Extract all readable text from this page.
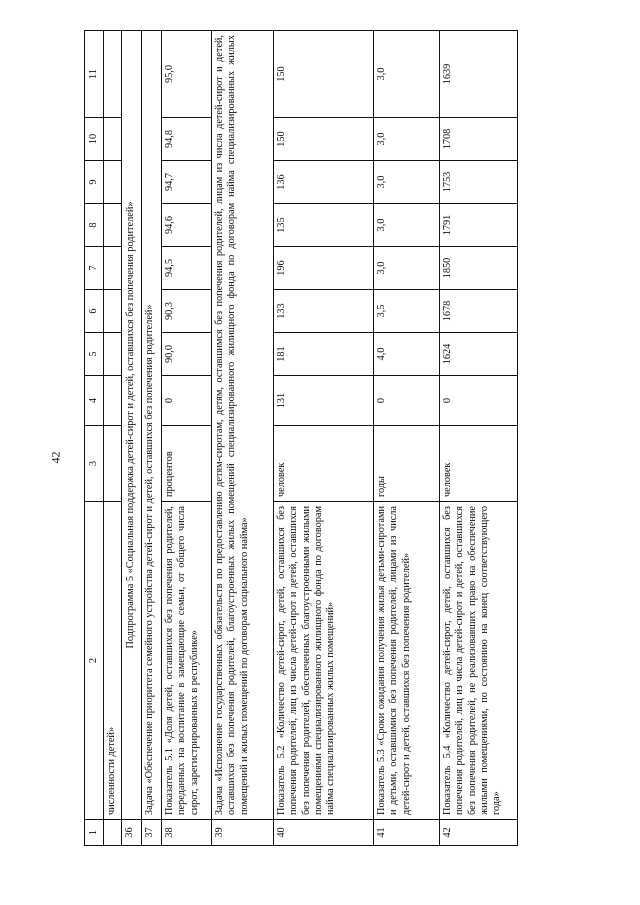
42
1	2	3	4	5	6	7	8	9	10	11
	численности детей»									
36	Подпрограмма 5 «Социальная поддержка детей-сирот и детей, оставшихся без попечения родителей»									
37	Задача «Обеспечение приоритета семейного устройства детей-сирот и детей, оставшихся без попечения родителей»									
38	Показатель 5.1 «Доля детей, оставшихся без попечения родителей, переданных на воспитание в замещающие семьи, от общего числа сирот, зарегистрированных в республике»	процентов	0	90,0	90,3	94,5	94,6	94,7	94,8	95,0
39	Задача «Исполнение государственных обязательств по предоставлению детям-сиротам, детям, оставшимся без попечения родителей, лицам из числа детей-сирот и детей, оставшихся без попечения родителей, благоустроенных жилых помещений специализированного жилищного фонда по договорам найма специализированных жилых помещений и жилых помещений по договорам социального найма»									
40	Показатель 5.2 «Количество детей-сирот, детей, оставшихся без попечения родителей, лиц из числа детей-сирот и детей, оставшихся без попечения родителей, обеспеченных благоустроенными жилыми помещениями специализированного жилищного фонда по договорам найма специализированных жилых помещений»	человек	131	181	133	196	135	136	150	150
41	Показатель 5.3 «Сроки ожидания получения жилья детьми-сиротами и детьми, оставшимися без попечения родителей, лицами из числа детей-сирот и детей, оставшихся без попечения родителей»	годы	0	4,0	3,5	3,0	3,0	3,0	3,0	3,0
42	Показатель 5.4 «Количество детей-сирот, детей, оставшихся без попечения родителей, лиц из числа детей-сирот и детей, оставшихся без попечения родителей, не реализовавших право на обеспечение жилыми помещениями, по состоянию на конец соответствующего года»	человек	0	1624	1678	1850	1791	1753	1708	1639
